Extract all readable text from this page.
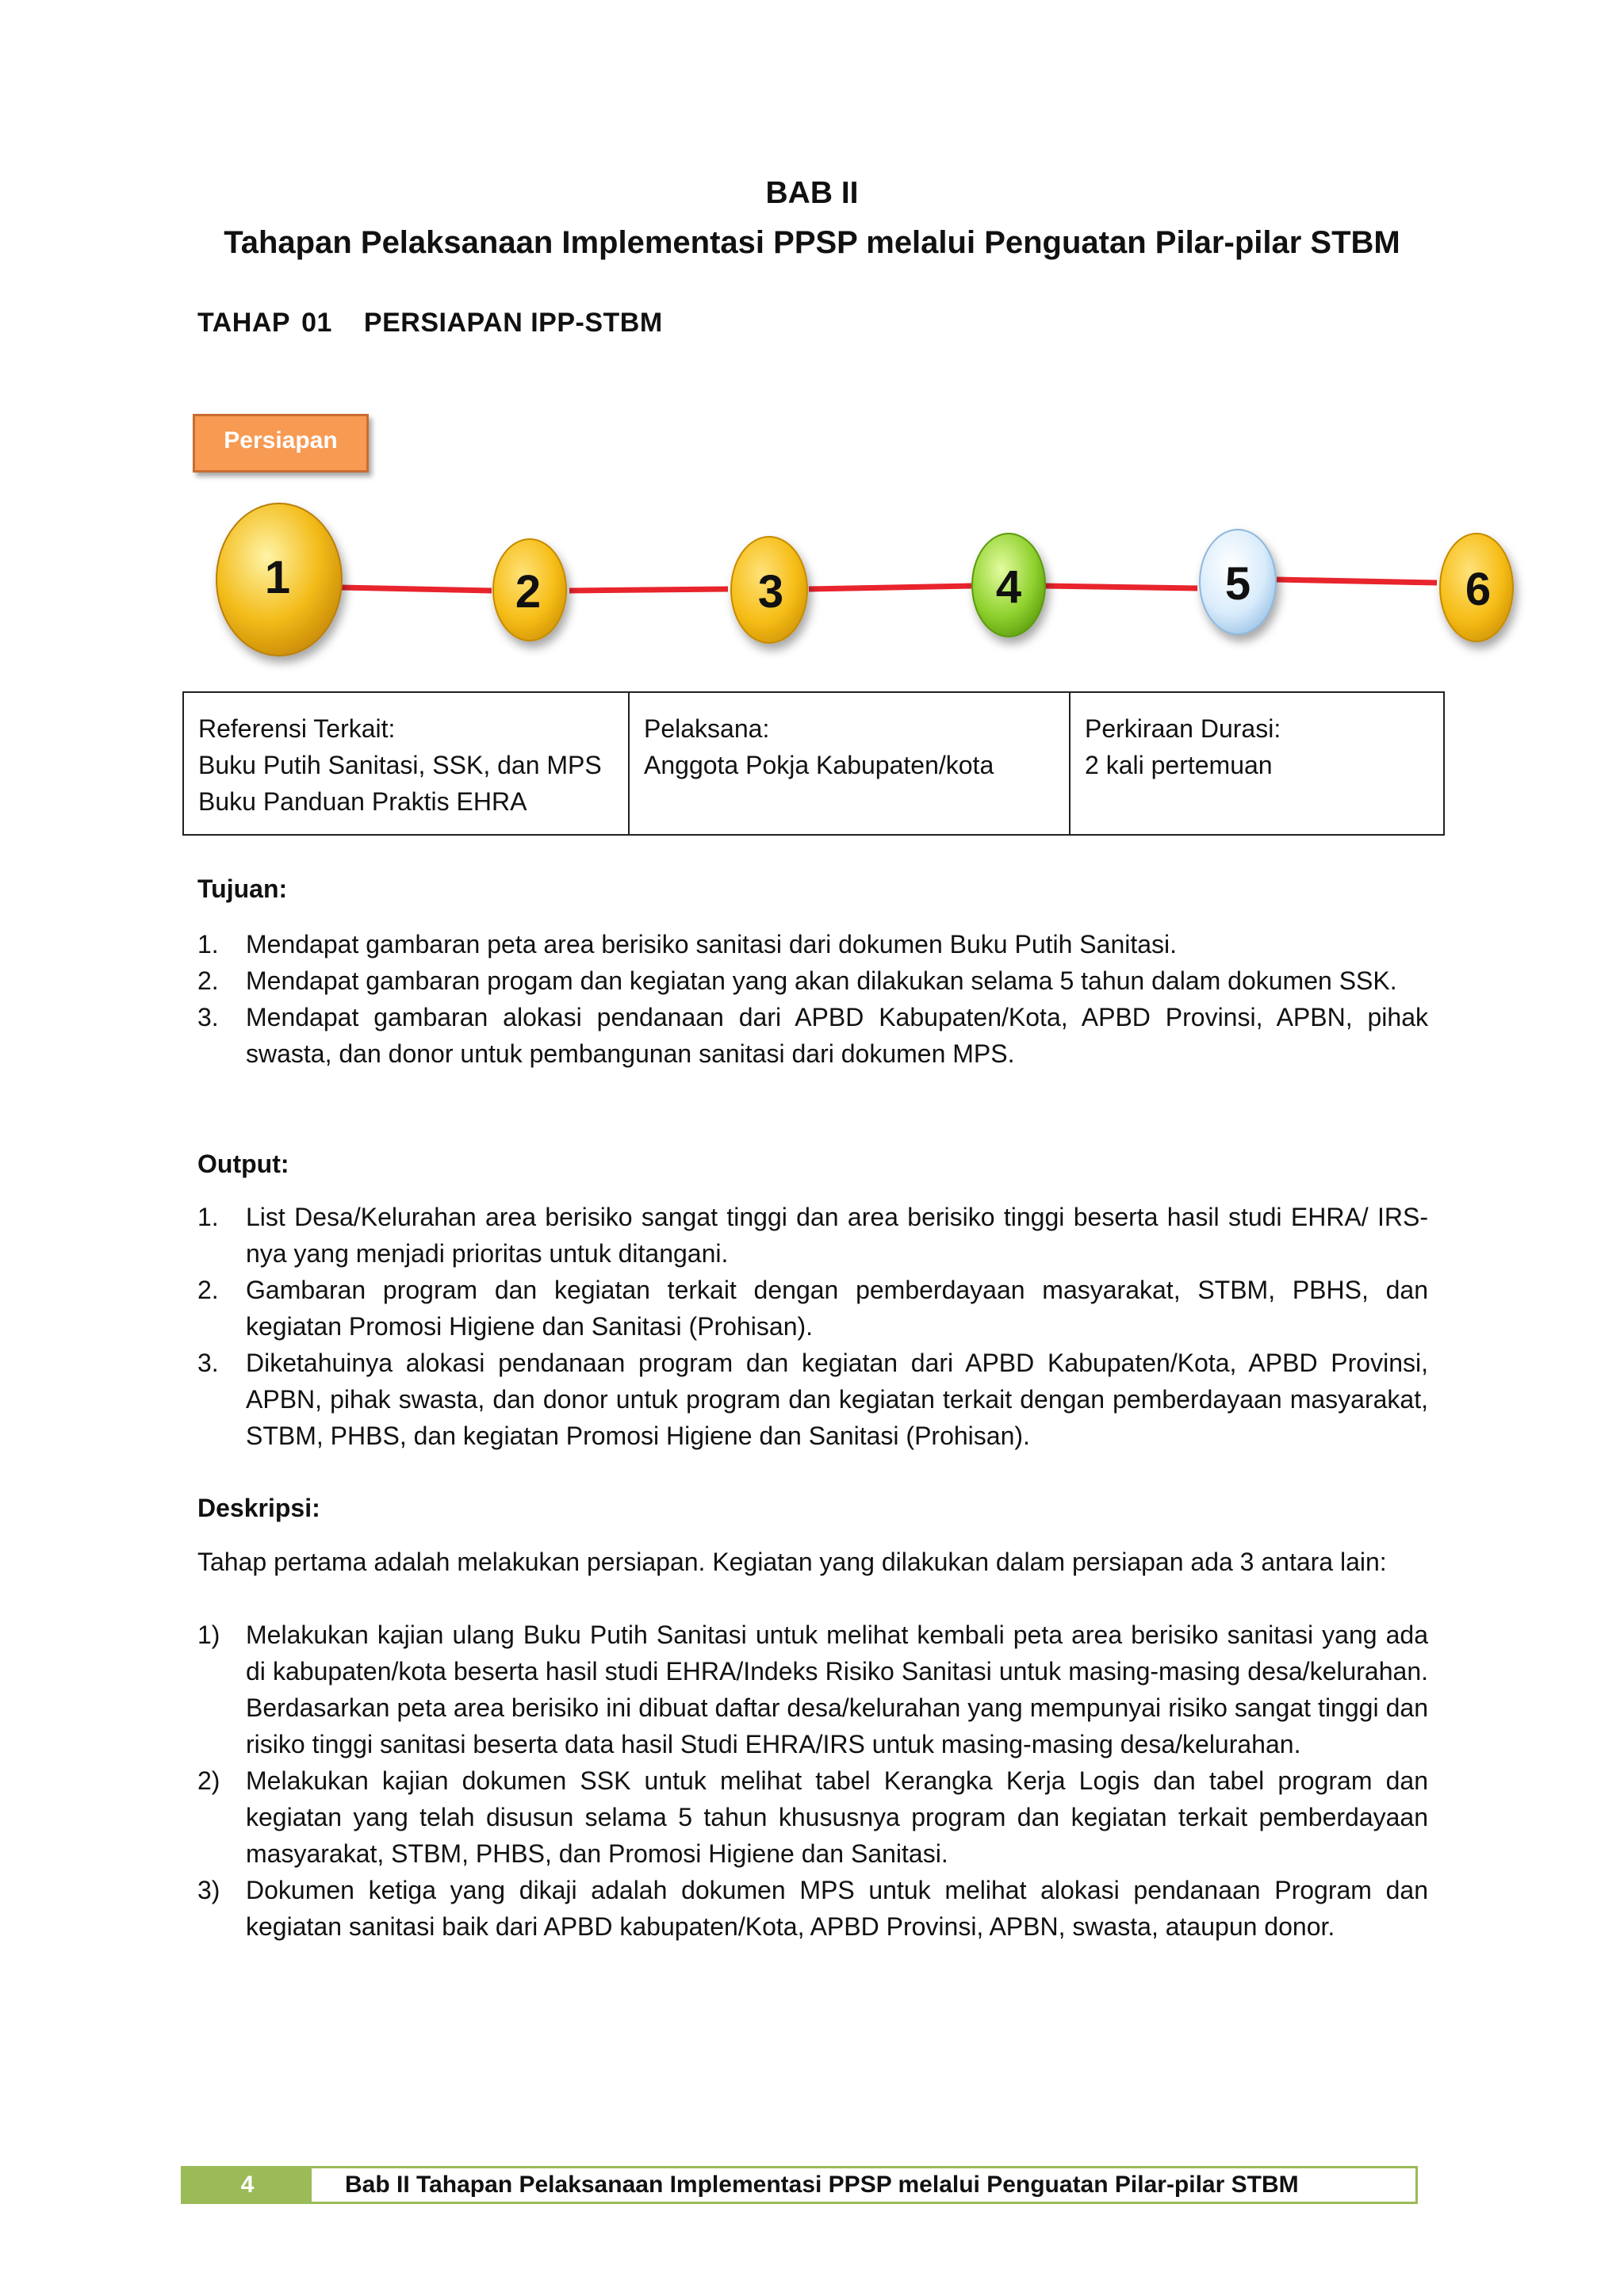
BAB II
Tahapan Pelaksanaan Implementasi PPSP melalui Penguatan Pilar-pilar STBM
TAHAP 01 PERSIAPAN IPP-STBM
Persiapan
1	2	3	4	5	6
Referensi Terkait:
Buku Putih Sanitasi, SSK, dan MPS
Buku Panduan Praktis EHRA

Pelaksana:
Anggota Pokja Kabupaten/kota

Perkiraan Durasi:
2 kali pertemuan
Tujuan:
1. Mendapat gambaran peta area berisiko sanitasi dari dokumen Buku Putih Sanitasi.
2. Mendapat gambaran progam dan kegiatan yang akan dilakukan selama 5 tahun dalam dokumen SSK.
3. Mendapat gambaran alokasi pendanaan dari APBD Kabupaten/Kota, APBD Provinsi, APBN, pihak swasta, dan donor untuk pembangunan sanitasi dari dokumen MPS.
Output:
1. List Desa/Kelurahan area berisiko sangat tinggi dan area berisiko tinggi beserta hasil studi EHRA/ IRS-nya yang menjadi prioritas untuk ditangani.
2. Gambaran program dan kegiatan terkait dengan pemberdayaan masyarakat, STBM, PBHS, dan kegiatan Promosi Higiene dan Sanitasi (Prohisan).
3. Diketahuinya alokasi pendanaan program dan kegiatan dari APBD Kabupaten/Kota, APBD Provinsi, APBN, pihak swasta, dan donor untuk program dan kegiatan terkait dengan pemberdayaan masyarakat, STBM, PHBS, dan kegiatan Promosi Higiene dan Sanitasi (Prohisan).
Deskripsi:
Tahap pertama adalah melakukan persiapan. Kegiatan yang dilakukan dalam persiapan ada 3 antara lain:
1) Melakukan kajian ulang Buku Putih Sanitasi untuk melihat kembali peta area berisiko sanitasi yang ada di kabupaten/kota beserta hasil studi EHRA/Indeks Risiko Sanitasi untuk masing-masing desa/kelurahan. Berdasarkan peta area berisiko ini dibuat daftar desa/kelurahan yang mempunyai risiko sangat tinggi dan risiko tinggi sanitasi beserta data hasil Studi EHRA/IRS untuk masing-masing desa/kelurahan.
2) Melakukan kajian dokumen SSK untuk melihat tabel Kerangka Kerja Logis dan tabel program dan kegiatan yang telah disusun selama 5 tahun khususnya program dan kegiatan terkait pemberdayaan masyarakat, STBM, PHBS, dan Promosi Higiene dan Sanitasi.
3) Dokumen ketiga yang dikaji adalah dokumen MPS untuk melihat alokasi pendanaan Program dan kegiatan sanitasi baik dari APBD kabupaten/Kota, APBD Provinsi, APBN, swasta, ataupun donor.
4	Bab II Tahapan Pelaksanaan Implementasi PPSP melalui Penguatan Pilar-pilar STBM
